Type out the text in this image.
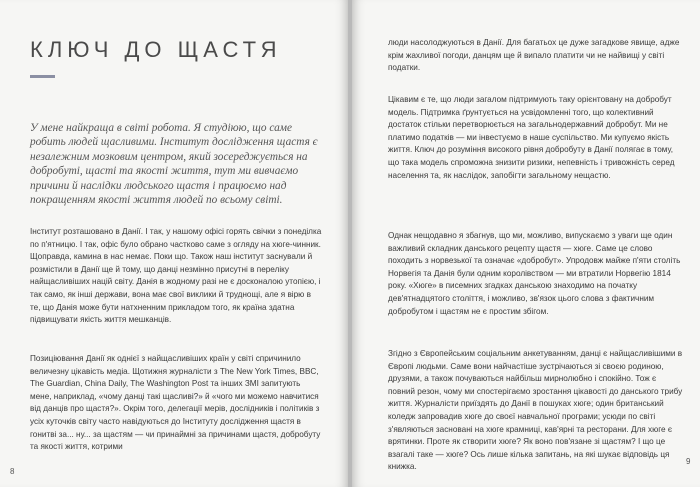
КЛЮЧ ДО ЩАСТЯ
У мене найкраща в світі робота. Я студіюю, що саме робить людей щасливими. Інститут дослідження щастя є незалежним мозковим центром, який зосереджується на добробуті, щасті та якості життя, тут ми вивчаємо причини й наслідки людського щастя і працюємо над покращенням якості життя людей по всьому світі.

Інститут розташовано в Данії. І так, у нашому офісі горять свічки з понеділка по п'ятницю. І так, офіс було обрано частково саме з огляду на хюге-чинник. Щоправда, камина в нас немає. Поки що. Також наш інститут заснували й розмістили в Данії ще й тому, що данці незмінно присутні в переліку найщасливіших націй світу. Данія в жодному разі не є досконалою утопією, і так само, як інші держави, вона має свої виклики й труднощі, але я вірю в те, що Данія може бути натхненним прикладом того, як країна здатна підвищувати якість життя мешканців.

Позиціювання Данії як однієї з найщасливіших країн у світі спричинило величезну цікавість медіа. Щотижня журналісти з The New York Times, BBC, The Guardian, China Daily, The Washington Post та інших ЗМІ запитують мене, наприклад, «чому данці такі щасливі?» й «чого ми можемо навчитися від данців про щастя?». Окрім того, делегації мерів, дослідників і політиків з усіх куточків світу часто навідуються до Інституту дослідження щастя в гонитві за... ну... за щастям — чи принаймні за причинами щастя, добробуту та якості життя, котрими

8
9

люди насолоджуються в Данії. Для багатьох це дуже загадкове явище, адже крім жахливої погоди, данцям ще й випало платити чи не найвищі у світі податки.

Цікавим є те, що люди загалом підтримують таку орієнтовану на добробут модель. Підтримка ґрунтується на усвідомленні того, що колективний достаток стільки перетворюється на загальнодержавний добробут. Ми не платимо податків — ми інвестуємо в наше суспільство. Ми купуємо якість життя. Ключ до розуміння високого рівня добробуту в Данії полягає в тому, що така модель спроможна знизити ризики, непевність і тривожність серед населення та, як наслідок, запобігти загальному нещастю.

Однак нещодавно я збагнув, що ми, можливо, випускаємо з уваги ще один важливий складник данського рецепту щастя — хюге. Саме це слово походить з норвезької та означає «добробут». Упродовж майже п'яти століть Норвегія та Данія були одним королівством — ми втратили Норвегію 1814 року. «Хюге» в писемних згадках данською знаходимо на початку дев'ятнадцятого століття, і можливо, зв'язок цього слова з фактичним добробутом і щастям не є простим збігом.

Згідно з Європейським соціальним анкетуванням, данці є найщасливішими в Європі людьми. Саме вони найчастіше зустрічаються зі своєю родиною, друзями, а також почуваються найбільш мирнолюбно і спокійно. Тож є повний резон, чому ми спостерігаємо зростання цікавості до данського трибу життя. Журналісти приїздять до Данії в пошуках хюге; один британський коледж запровадив хюге до своєї навчальної програми; усюди по світі з'являються засновані на хюге крамниці, кав'ярні та ресторани. Для хюге є врятинки. Проте як створити хюге? Як воно пов'язане зі щастям? І що це взагалі таке — хюге? Ось лише кілька запитань, на які шукає відповідь ця книжка.
